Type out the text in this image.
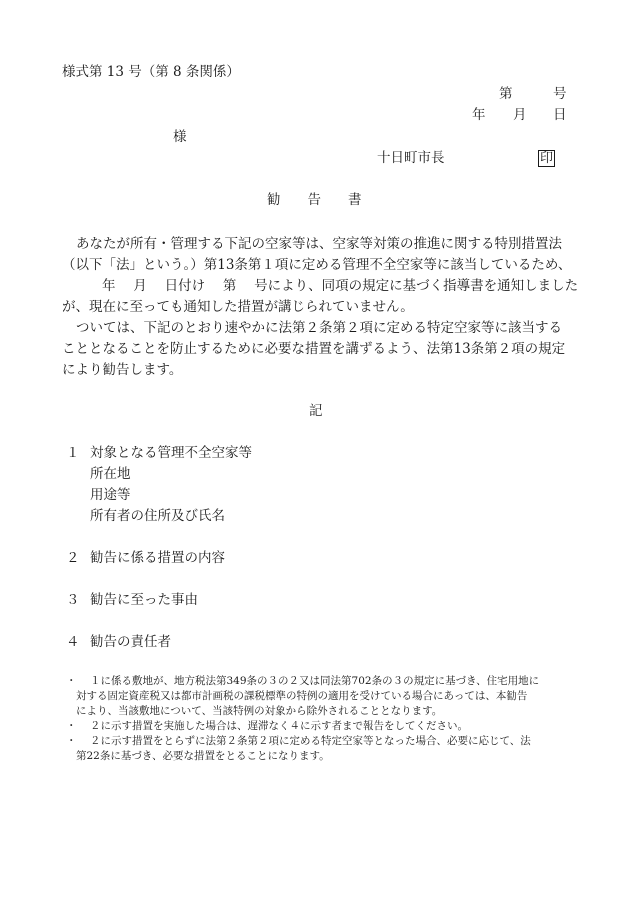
様式第 13 号（第 8 条関係）
第	号
年 月 日
様
十日町市長	印
勧　　告　　書
あなたが所有・管理する下記の空家等は、空家等対策の推進に関する特別措置法
（以下「法」という。）第13条第１項に定める管理不全空家等に該当しているため、
年　 月　 日付け　 第　 号により、同項の規定に基づく指導書を通知しました
が、現在に至っても通知した措置が講じられていません。
ついては、下記のとおり速やかに法第２条第２項に定める特定空家等に該当する
こととなることを防止するために必要な措置を講ずるよう、法第13条第２項の規定
により勧告します。
記
１ 対象となる管理不全空家等
所在地
用途等
所有者の住所及び氏名
２ 勧告に係る措置の内容
３ 勧告に至った事由
４ 勧告の責任者
・ １に係る敷地が、地方税法第349条の３の２又は同法第702条の３の規定に基づき、住宅用地に
対する固定資産税又は都市計画税の課税標準の特例の適用を受けている場合にあっては、本勧告
により、当該敷地について、当該特例の対象から除外されることとなります。
・ ２に示す措置を実施した場合は、遅滞なく４に示す者まで報告をしてください。
・ ２に示す措置をとらずに法第２条第２項に定める特定空家等となった場合、必要に応じて、法
第22条に基づき、必要な措置をとることになります。
